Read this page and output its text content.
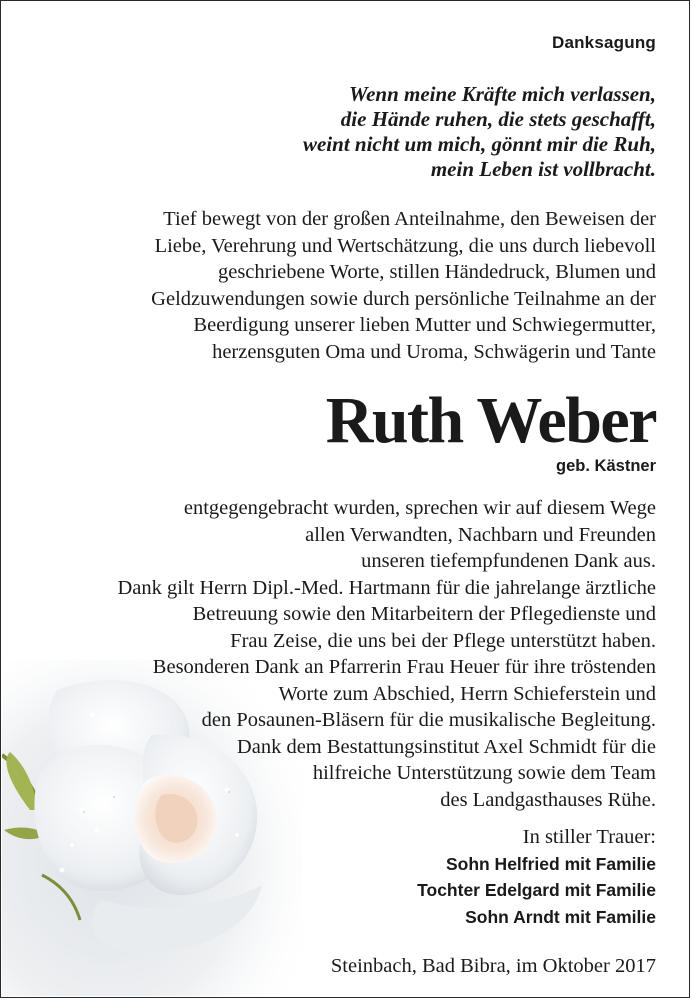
Danksagung
Wenn meine Kräfte mich verlassen,
die Hände ruhen, die stets geschafft,
weint nicht um mich, gönnt mir die Ruh,
mein Leben ist vollbracht.
Tief bewegt von der großen Anteilnahme, den Beweisen der
Liebe, Verehrung und Wertschätzung, die uns durch liebevoll
geschriebene Worte, stillen Händedruck, Blumen und
Geldzuwendungen sowie durch persönliche Teilnahme an der
Beerdigung unserer lieben Mutter und Schwiegermutter,
herzensguten Oma und Uroma, Schwägerin und Tante
Ruth Weber
geb. Kästner
entgegengebracht wurden, sprechen wir auf diesem Wege
allen Verwandten, Nachbarn und Freunden
unseren tiefempfundenen Dank aus.
Dank gilt Herrn Dipl.-Med. Hartmann für die jahrelange ärztliche
Betreuung sowie den Mitarbeitern der Pflegedienste und
Frau Zeise, die uns bei der Pflege unterstützt haben.
Besonderen Dank an Pfarrerin Frau Heuer für ihre tröstenden
Worte zum Abschied, Herrn Schieferstein und
den Posaunen-Bläsern für die musikalische Begleitung.
Dank dem Bestattungsinstitut Axel Schmidt für die
hilfreiche Unterstützung sowie dem Team
des Landgasthauses Rühe.
In stiller Trauer:
Sohn Helfried mit Familie
Tochter Edelgard mit Familie
Sohn Arndt mit Familie
Steinbach, Bad Bibra, im Oktober 2017
